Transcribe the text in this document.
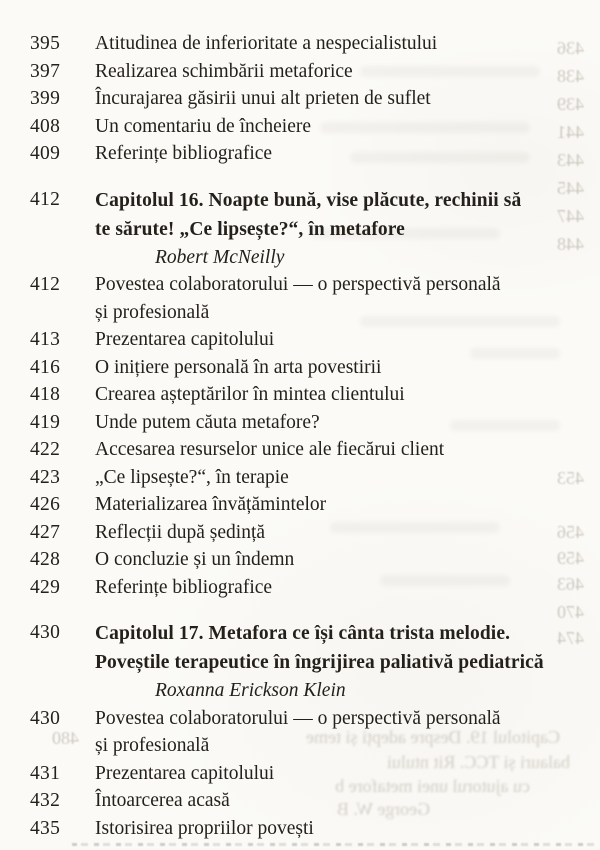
436
438
439
441
443
445
447
448
453
456
459
463
470
474
480	Capitolul 19. Despre adepți și teme
balauri și TCC. Rit ntului
cu ajutorul unei metafore b
George W. B
395	Atitudinea de inferioritate a nespecialistului
397	Realizarea schimbării metaforice
399	Încurajarea găsirii unui alt prieten de suflet
408	Un comentariu de încheiere
409	Referințe bibliografice
412	Capitolul 16. Noapte bună, vise plăcute, rechinii să
te sărute! „Ce lipsește?“, în metafore
Robert McNeilly
412	Povestea colaboratorului — o perspectivă personală
și profesională
413	Prezentarea capitolului
416	O inițiere personală în arta povestirii
418	Crearea așteptărilor în mintea clientului
419	Unde putem căuta metafore?
422	Accesarea resurselor unice ale fiecărui client
423	„Ce lipsește?“, în terapie
426	Materializarea învățămintelor
427	Reflecții după ședință
428	O concluzie și un îndemn
429	Referințe bibliografice
430	Capitolul 17. Metafora ce își cânta trista melodie.
Poveștile terapeutice în îngrijirea paliativă pediatrică
Roxanna Erickson Klein
430	Povestea colaboratorului — o perspectivă personală
și profesională
431	Prezentarea capitolului
432	Întoarcerea acasă
435	Istorisirea propriilor povești
